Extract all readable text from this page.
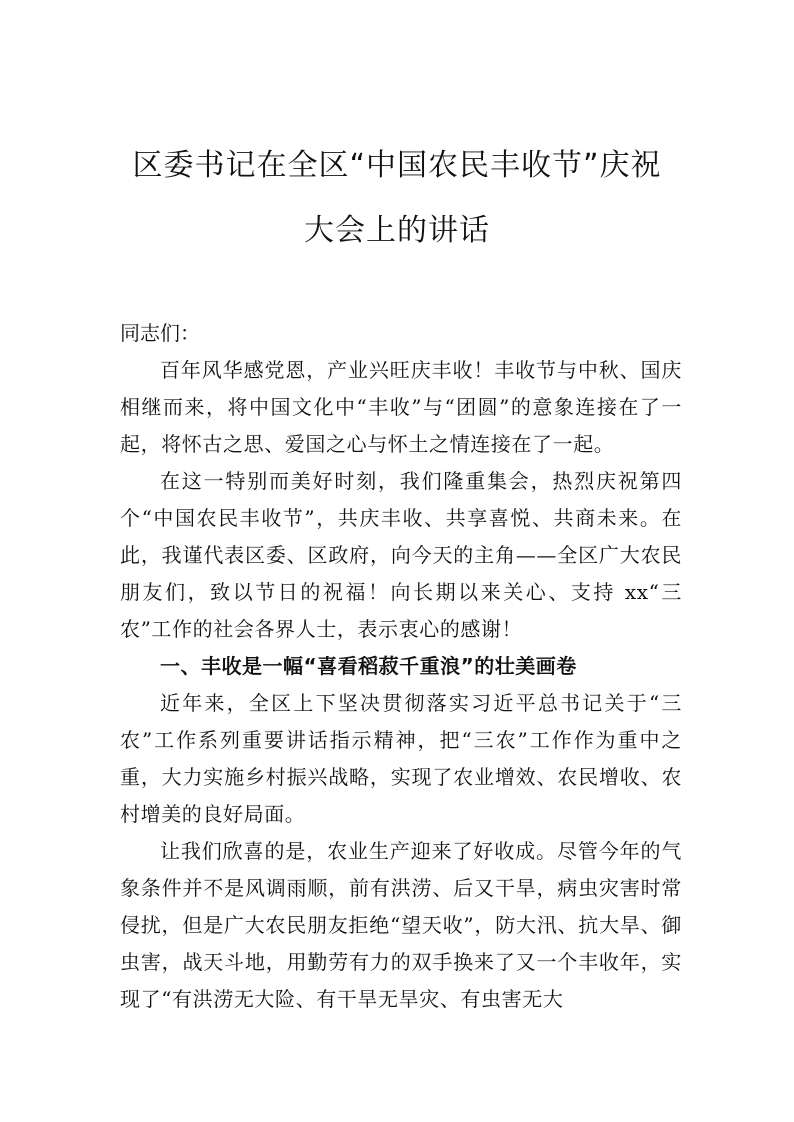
区委书记在全区“中国农民丰收节”庆祝
大会上的讲话

同志们：

百年风华感党恩，产业兴旺庆丰收！丰收节与中秋、国庆相继而来，将中国文化中“丰收”与“团圆”的意象连接在了一起，将怀古之思、爱国之心与怀土之情连接在了一起。

在这一特别而美好时刻，我们隆重集会，热烈庆祝第四 个“中国农民丰收节”，共庆丰收、共享喜悦、共商未来。在此，我谨代表区委、区政府，向今天的主角——全区广大农民朋友们，致以节日的祝福！向长期以来关心、支持 xx“三农”工作的社会各界人士，表示衷心的感谢！

一、丰收是一幅“喜看稻菽千重浪”的壮美画卷

近年来，全区上下坚决贯彻落实习近平总书记关于“三农”工作系列重要讲话指示精神，把“三农”工作作为重中之重，大力实施乡村振兴战略，实现了农业增效、农民增收、农村增美的良好局面。

让我们欣喜的是，农业生产迎来了好收成。尽管今年的气象条件并不是风调雨顺，前有洪涝、后又干旱，病虫灾害时常侵扰，但是广大农民朋友拒绝“望天收”，防大汛、抗大旱、御虫害，战天斗地，用勤劳有力的双手换来了又一个丰收年，实现了“有洪涝无大险、有干旱无旱灾、有虫害无大
